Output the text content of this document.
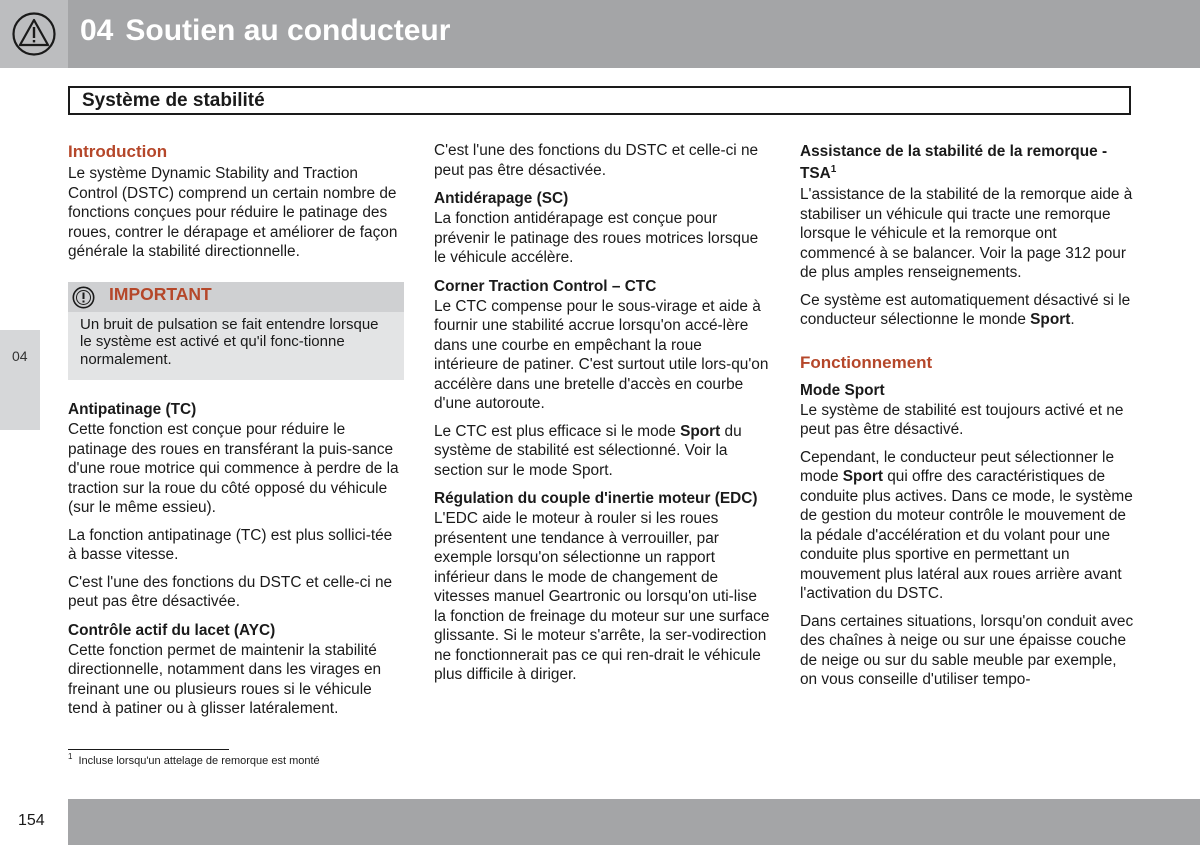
04 Soutien au conducteur
04
Système de stabilité
Introduction
Le système Dynamic Stability and Traction Control (DSTC) comprend un certain nombre de fonctions conçues pour réduire le patinage des roues, contrer le dérapage et améliorer de façon générale la stabilité directionnelle.
IMPORTANT
Un bruit de pulsation se fait entendre lorsque le système est activé et qu'il fonc-tionne normalement.
Antipatinage (TC)
Cette fonction est conçue pour réduire le patinage des roues en transférant la puis-sance d'une roue motrice qui commence à perdre de la traction sur la roue du côté opposé du véhicule (sur le même essieu).
La fonction antipatinage (TC) est plus sollici-tée à basse vitesse.
C'est l'une des fonctions du DSTC et celle-ci ne peut pas être désactivée.
Contrôle actif du lacet (AYC)
Cette fonction permet de maintenir la stabilité directionnelle, notamment dans les virages en freinant une ou plusieurs roues si le véhicule tend à patiner ou à glisser latéralement.
C'est l'une des fonctions du DSTC et celle-ci ne peut pas être désactivée.
Antidérapage (SC)
La fonction antidérapage est conçue pour prévenir le patinage des roues motrices lorsque le véhicule accélère.
Corner Traction Control – CTC
Le CTC compense pour le sous-virage et aide à fournir une stabilité accrue lorsqu'on accé-lère dans une courbe en empêchant la roue intérieure de patiner. C'est surtout utile lors-qu'on accélère dans une bretelle d'accès en courbe d'une autoroute.
Le CTC est plus efficace si le mode Sport du système de stabilité est sélectionné. Voir la section sur le mode Sport.
Régulation du couple d'inertie moteur (EDC)
L'EDC aide le moteur à rouler si les roues présentent une tendance à verrouiller, par exemple lorsqu'on sélectionne un rapport inférieur dans le mode de changement de vitesses manuel Geartronic ou lorsqu'on uti-lise la fonction de freinage du moteur sur une surface glissante. Si le moteur s'arrête, la ser-vodirection ne fonctionnerait pas ce qui ren-drait le véhicule plus difficile à diriger.
Assistance de la stabilité de la remorque - TSA$^1$
L'assistance de la stabilité de la remorque aide à stabiliser un véhicule qui tracte une remorque lorsque le véhicule et la remorque ont commencé à se balancer. Voir la page 312 pour de plus amples renseignements.
Ce système est automatiquement désactivé si le conducteur sélectionne le monde Sport.
Fonctionnement
Mode Sport
Le système de stabilité est toujours activé et ne peut pas être désactivé.
Cependant, le conducteur peut sélectionner le mode Sport qui offre des caractéristiques de conduite plus actives. Dans ce mode, le système de gestion du moteur contrôle le mouvement de la pédale d'accélération et du volant pour une conduite plus sportive en permettant un mouvement plus latéral aux roues arrière avant l'activation du DSTC.
Dans certaines situations, lorsqu'on conduit avec des chaînes à neige ou sur une épaisse couche de neige ou sur du sable meuble par exemple, on vous conseille d'utiliser tempo-
$^1$ Incluse lorsqu'un attelage de remorque est monté
154
